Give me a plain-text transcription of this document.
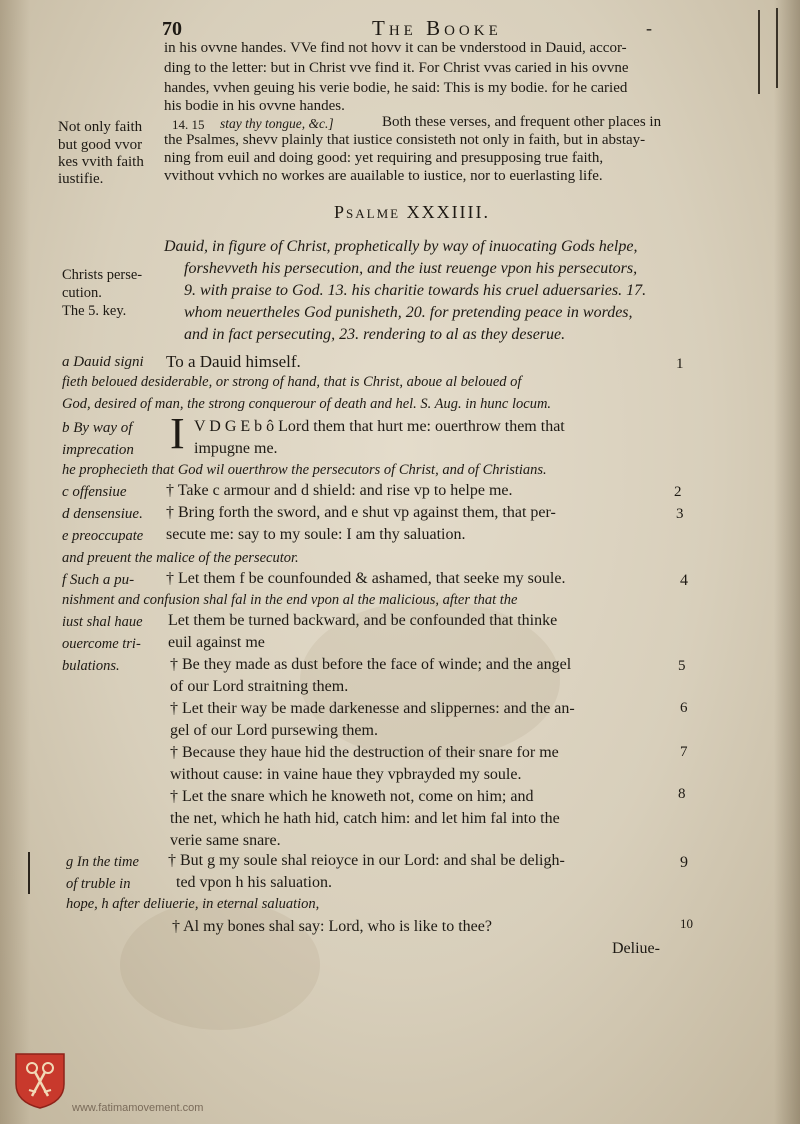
70	The Booke	-
in his ovvne handes. VVe find not hovv it can be vnderstood in Dauid, accor-
ding to the letter: but in Christ vve find it. For Christ vvas caried in his ovvne
handes, vvhen geuing his verie bodie, he said: This is my bodie. for he caried
his bodie in his ovvne handes.
Not only faith
but good vvor
kes vvith faith
iustifie.
14. 15 stay thy tongue, &c.]	Both these verses, and frequent other places in
the Psalmes, shevv plainly that iustice consisteth not only in faith, but in abstay-
ning from euil and doing good: yet requiring and presupposing true faith,
vvithout vvhich no workes are auailable to iustice, nor to euerlasting life.
Psalme XXXIIII.
Christs perse-
cution.
The 5. key.
Dauid, in figure of Christ, prophetically by way of inuocating Gods helpe,
forshevveth his persecution, and the iust reuenge vpon his persecutors,
9. with praise to God. 13. his charitie towards his cruel aduersaries. 17.
whom neuertheles God punisheth, 20. for pretending peace in wordes,
and in fact persecuting, 23. rendering to al as they deserue.
a Dauid signi To a Dauid himself.	1
fieth beloued desiderable, or strong of hand, that is Christ, aboue al beloued of
God, desired of man, the strong conquerour of death and hel. S. Aug. in hunc locum.
b By way of
imprecation I V D G E b ô Lord them that hurt me: ouerthrow them that
impugne me.
he prophecieth that God wil ouerthrow the persecutors of Christ, and of Christians.
c offensiue † Take c armour and d shield: and rise vp to helpe me.	2
d densensiue. † Bring forth the sword, and e shut vp against them, that per-	3
e preoccupate secute me: say to my soule: I am thy saluation.
and preuent the malice of the persecutor.
f Such a pu- † Let them f be counfounded & ashamed, that seeke my soule.	4
nishment and confusion shal fal in the end vpon al the malicious, after that the
iust shal haue Let them be turned backward, and be confounded that thinke
ouercome tri- euil against me
bulations.	† Be they made as dust before the face of winde; and the angel	5
of our Lord straitning them.
† Let their way be made darkenesse and slippernes: and the an-	6
gel of our Lord pursewing them.
† Because they haue hid the destruction of their snare for me	7
without cause: in vaine haue they vpbrayded my soule.
† Let the snare which he knoweth not, come on him; and	8
the net, which he hath hid, catch him: and let him fal into the
verie same snare.
g In the time † But g my soule shal reioyce in our Lord: and shal be deligh-	9
of truble in	ted vpon h his saluation.
hope, h after deliuerie, in eternal saluation,
† Al my bones shal say: Lord, who is like to thee?	10
Deliue-
www.fatimamovement.com
